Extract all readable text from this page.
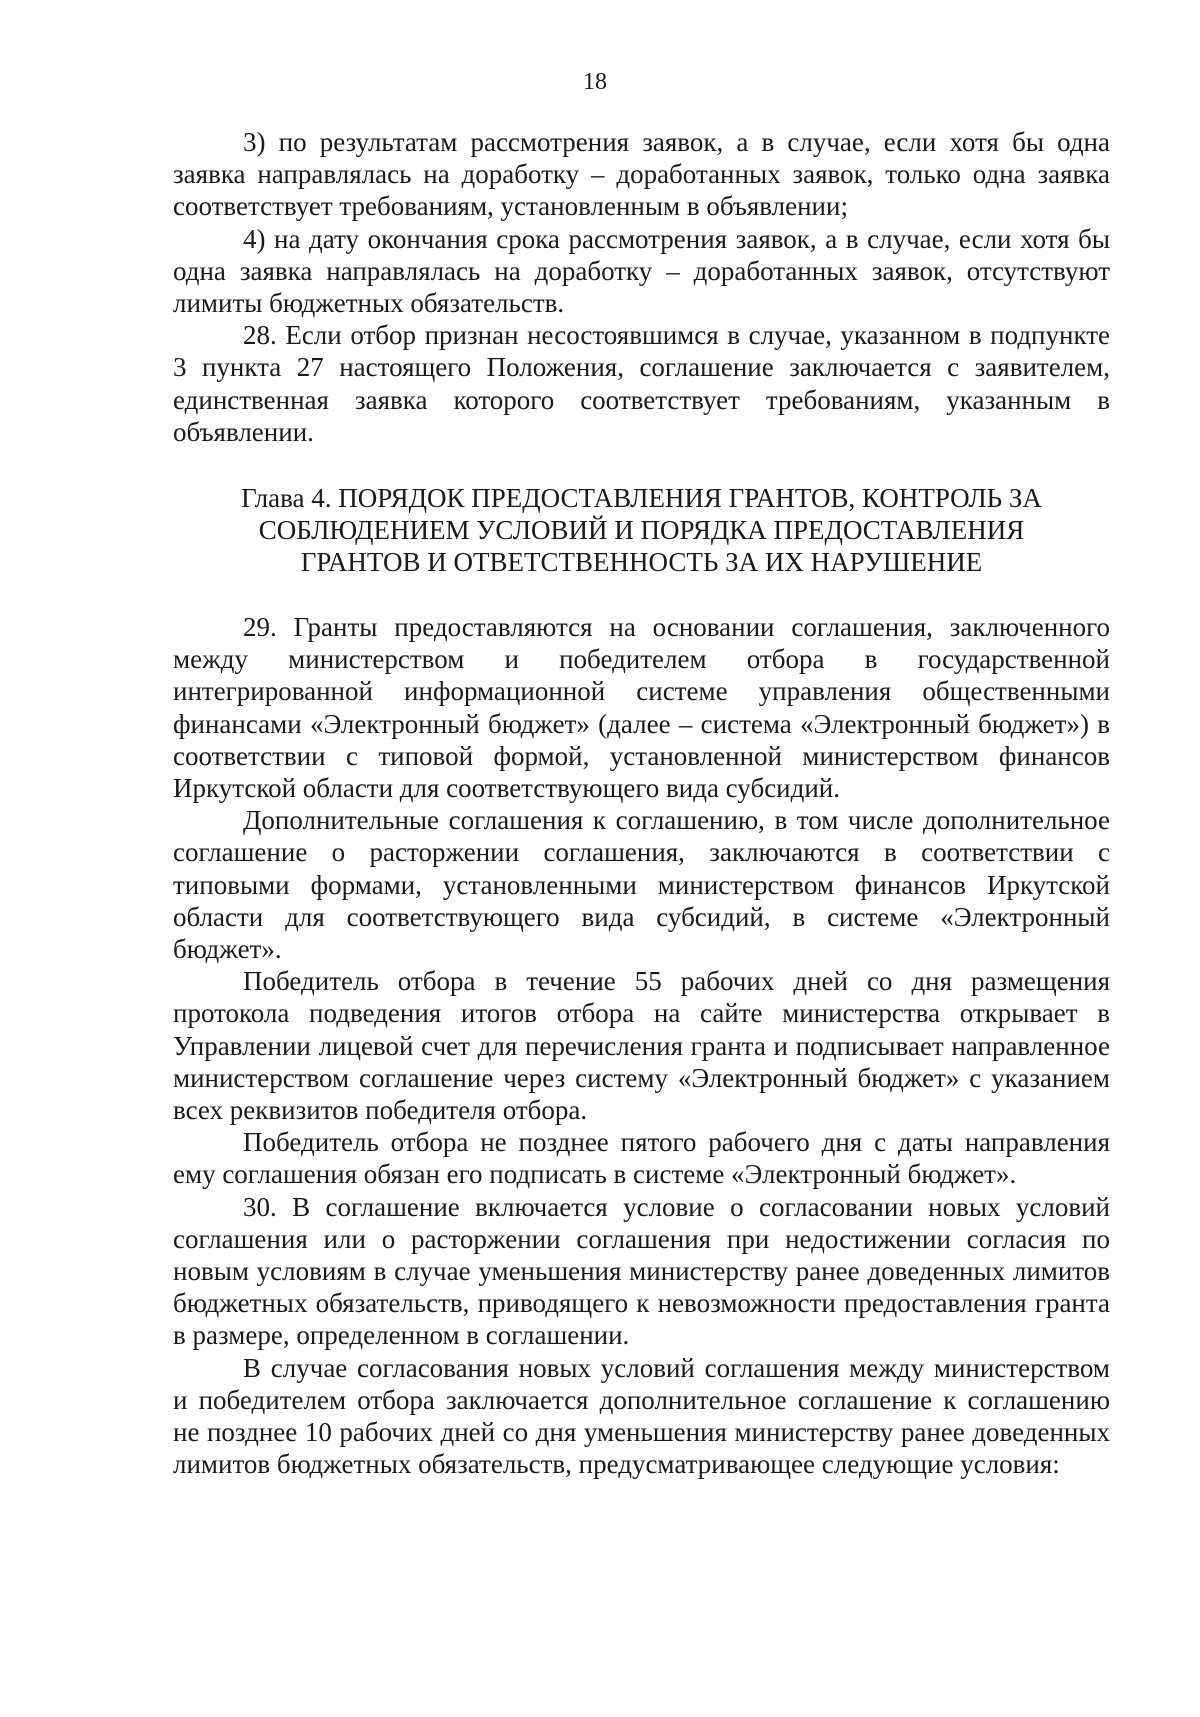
18

3) по результатам рассмотрения заявок, а в случае, если хотя бы одна заявка направлялась на доработку – доработанных заявок, только одна заявка соответствует требованиям, установленным в объявлении;

4) на дату окончания срока рассмотрения заявок, а в случае, если хотя бы одна заявка направлялась на доработку – доработанных заявок, отсутствуют лимиты бюджетных обязательств.

28. Если отбор признан несостоявшимся в случае, указанном в подпункте 3 пункта 27 настоящего Положения, соглашение заключается с заявителем, единственная заявка которого соответствует требованиям, указанным в объявлении.

Глава 4. ПОРЯДОК ПРЕДОСТАВЛЕНИЯ ГРАНТОВ, КОНТРОЛЬ ЗА
СОБЛЮДЕНИЕМ УСЛОВИЙ И ПОРЯДКА ПРЕДОСТАВЛЕНИЯ
ГРАНТОВ И ОТВЕТСТВЕННОСТЬ ЗА ИХ НАРУШЕНИЕ

29. Гранты предоставляются на основании соглашения, заключенного между министерством и победителем отбора в государственной интегрированной информационной системе управления общественными финансами «Электронный бюджет» (далее – система «Электронный бюджет») в соответствии с типовой формой, установленной министерством финансов Иркутской области для соответствующего вида субсидий.

Дополнительные соглашения к соглашению, в том числе дополнительное соглашение о расторжении соглашения, заключаются в соответствии с типовыми формами, установленными министерством финансов Иркутской области для соответствующего вида субсидий, в системе «Электронный бюджет».

Победитель отбора в течение 55 рабочих дней со дня размещения протокола подведения итогов отбора на сайте министерства открывает в Управлении лицевой счет для перечисления гранта и подписывает направленное министерством соглашение через систему «Электронный бюджет» с указанием всех реквизитов победителя отбора.

Победитель отбора не позднее пятого рабочего дня с даты направления ему соглашения обязан его подписать в системе «Электронный бюджет».

30. В соглашение включается условие о согласовании новых условий соглашения или о расторжении соглашения при недостижении согласия по новым условиям в случае уменьшения министерству ранее доведенных лимитов бюджетных обязательств, приводящего к невозможности предоставления гранта в размере, определенном в соглашении.

В случае согласования новых условий соглашения между министерством и победителем отбора заключается дополнительное соглашение к соглашению не позднее 10 рабочих дней со дня уменьшения министерству ранее доведенных лимитов бюджетных обязательств, предусматривающее следующие условия:
